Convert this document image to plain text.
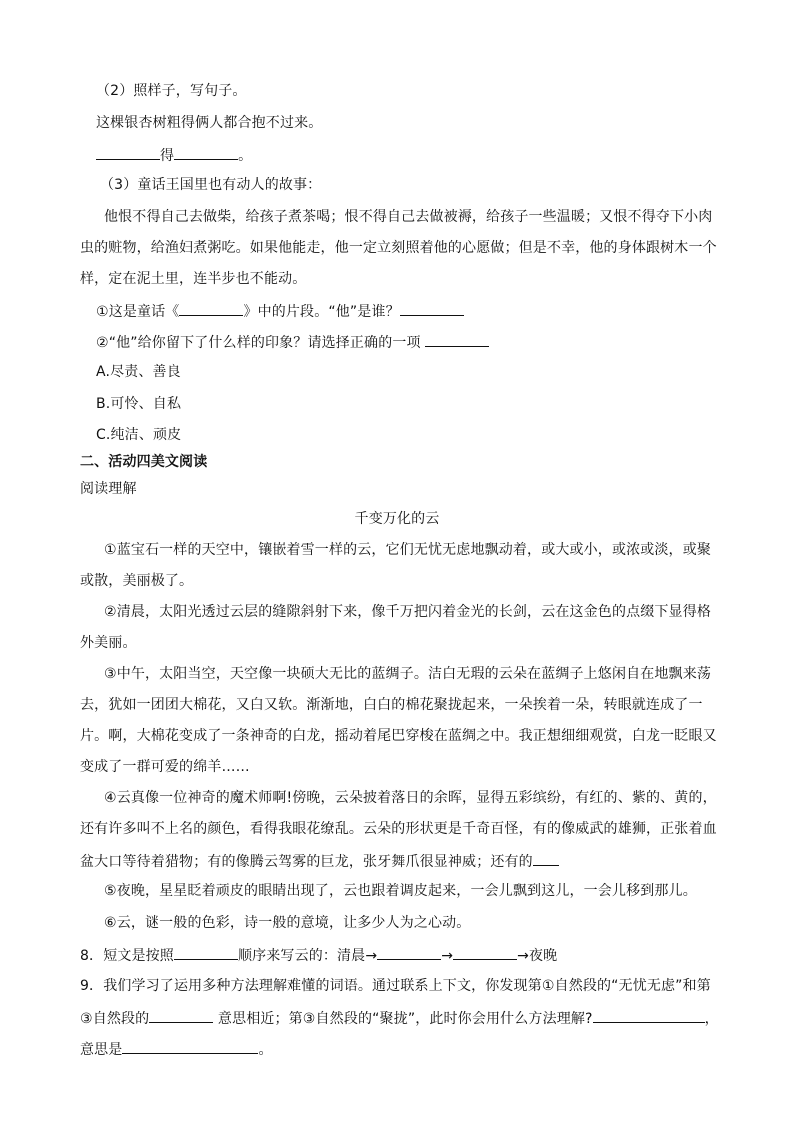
（2）照样子，写句子。
这棵银杏树粗得俩人都合抱不过来。
得	。
（3）童话王国里也有动人的故事：
他恨不得自己去做柴，给孩子煮茶喝；恨不得自己去做被褥，给孩子一些温暖；又恨不得夺下小肉
虫的赃物，给渔妇煮粥吃。如果他能走，他一定立刻照着他的心愿做；但是不幸，他的身体跟树木一个
样，定在泥土里，连半步也不能动。
①这是童话《	》中的片段。“他”是谁？
②“他”给你留下了什么样的印象？请选择正确的一项
A.尽责、善良
B.可怜、自私
C.纯洁、顽皮
二、活动四美文阅读
阅读理解
千变万化的云
①蓝宝石一样的天空中，镶嵌着雪一样的云，它们无忧无虑地飘动着，或大或小，或浓或淡，或聚
或散，美丽极了。
②清晨，太阳光透过云层的缝隙斜射下来，像千万把闪着金光的长剑，云在这金色的点缀下显得格
外美丽。
③中午，太阳当空，天空像一块硕大无比的蓝绸子。洁白无瑕的云朵在蓝绸子上悠闲自在地飘来荡
去，犹如一团团大棉花，又白又软。渐渐地，白白的棉花聚拢起来，一朵挨着一朵，转眼就连成了一
片。啊，大棉花变成了一条神奇的白龙，摇动着尾巴穿梭在蓝绸之中。我正想细细观赏，白龙一眨眼又
变成了一群可爱的绵羊……
④云真像一位神奇的魔术师啊!傍晚，云朵披着落日的余晖，显得五彩缤纷，有红的、紫的、黄的，
还有许多叫不上名的颜色，看得我眼花缭乱。云朵的形状更是千奇百怪，有的像威武的雄狮，正张着血
盆大口等待着猎物；有的像腾云驾雾的巨龙，张牙舞爪很显神威；还有的
⑤夜晚，星星眨着顽皮的眼睛出现了，云也跟着调皮起来，一会儿飘到这儿，一会儿移到那儿。
⑥云，谜一般的色彩，诗一般的意境，让多少人为之心动。
8．短文是按照	顺序来写云的：清晨→	→	→夜晚
9．我们学习了运用多种方法理解难懂的词语。通过联系上下文，你发现第①自然段的“无忧无虑”和第
③自然段的	意思相近；第③自然段的“聚拢”，此时你会用什么方法理解?	，
意思是	。
